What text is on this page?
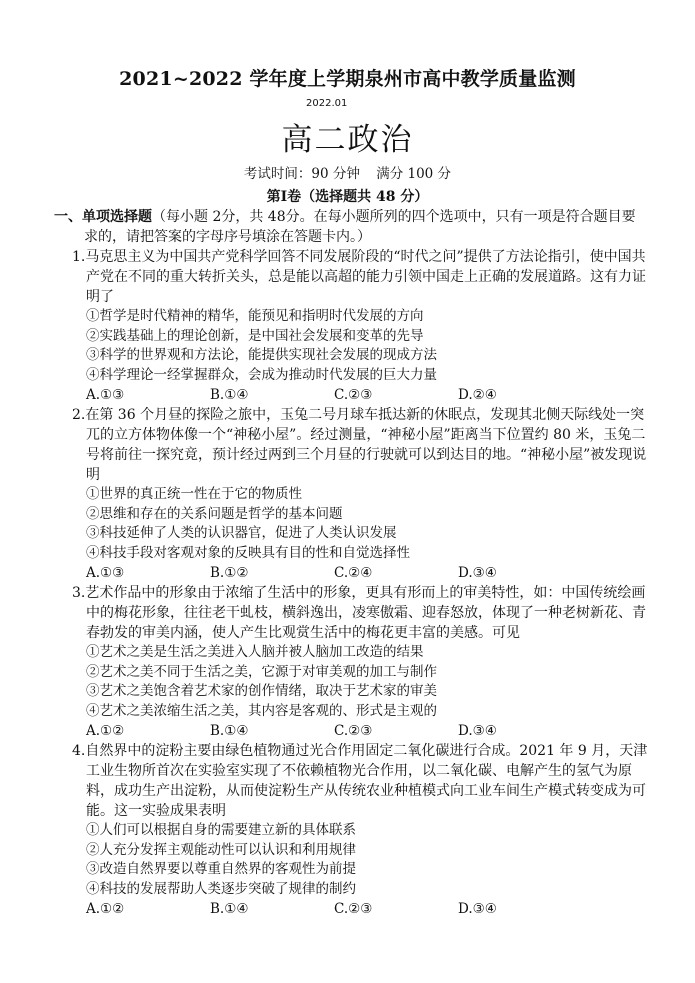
2021~2022 学年度上学期泉州市高中教学质量监测
2022.01
高二政治
考试时间：90 分钟 满分 100 分
第Ⅰ卷（选择题共 48 分）
一、单项选择题（每小题 2分，共 48分。在每小题所列的四个选项中，只有一项是符合题目要求的，请把答案的字母序号填涂在答题卡内。）
1.马克思主义为中国共产党科学回答不同发展阶段的“时代之问”提供了方法论指引，使中国共产党在不同的重大转折关头，总是能以高超的能力引领中国走上正确的发展道路。这有力证明了
①哲学是时代精神的精华，能预见和指明时代发展的方向
②实践基础上的理论创新，是中国社会发展和变革的先导
③科学的世界观和方法论，能提供实现社会发展的现成方法
④科学理论一经掌握群众，会成为推动时代发展的巨大力量
A.①③	B.①④	C.②③	D.②④
2.在第 36 个月昼的探险之旅中，玉兔二号月球车抵达新的休眠点，发现其北侧天际线处一突兀的立方体物体像一个“神秘小屋”。经过测量，“神秘小屋”距离当下位置约 80 米，玉兔二号将前往一探究竟，预计经过两到三个月昼的行驶就可以到达目的地。“神秘小屋”被发现说明
①世界的真正统一性在于它的物质性
②思维和存在的关系问题是哲学的基本问题
③科技延伸了人类的认识器官，促进了人类认识发展
④科技手段对客观对象的反映具有目的性和自觉选择性
A.①③	B.①②	C.②④	D.③④
3.艺术作品中的形象由于浓缩了生活中的形象，更具有形而上的审美特性，如：中国传统绘画中的梅花形象，往往老干虬枝，横斜逸出，凌寒傲霜、迎春怒放，体现了一种老树新花、青春勃发的审美内涵，使人产生比观赏生活中的梅花更丰富的美感。可见
①艺术之美是生活之美进入人脑并被人脑加工改造的结果
②艺术之美不同于生活之美，它源于对审美观的加工与制作
③艺术之美饱含着艺术家的创作情绪，取决于艺术家的审美
④艺术之美浓缩生活之美，其内容是客观的、形式是主观的
A.①②	B.①④	C.②③	D.③④
4.自然界中的淀粉主要由绿色植物通过光合作用固定二氧化碳进行合成。2021 年 9 月，天津工业生物所首次在实验室实现了不依赖植物光合作用，以二氧化碳、电解产生的氢气为原料，成功生产出淀粉，从而使淀粉生产从传统农业种植模式向工业车间生产模式转变成为可能。这一实验成果表明
①人们可以根据自身的需要建立新的具体联系
②人充分发挥主观能动性可以认识和利用规律
③改造自然界要以尊重自然界的客观性为前提
④科技的发展帮助人类逐步突破了规律的制约
A.①②	B.①④	C.②③	D.③④
